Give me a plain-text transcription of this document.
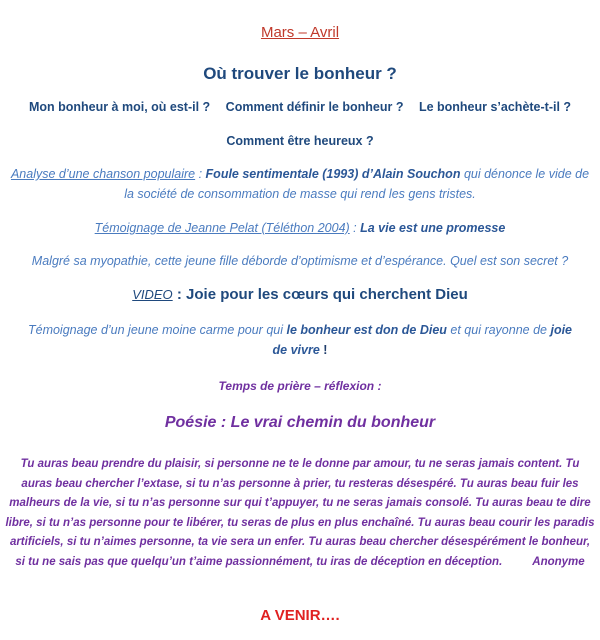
Mars – Avril
Où trouver le bonheur ?
Mon bonheur à moi, où est-il ? Comment définir le bonheur ? Le bonheur s’achète-t-il ?
Comment être heureux ?
Analyse d’une chanson populaire : Foule sentimentale (1993) d’Alain Souchon qui dénonce le vide de la société de consommation de masse qui rend les gens tristes.
Témoignage de Jeanne Pelat (Téléthon 2004) : La vie est une promesse
Malgré sa myopathie, cette jeune fille déborde d’optimisme et d’espérance. Quel est son secret ?
VIDEO : Joie pour les cœurs qui cherchent Dieu
Témoignage d’un jeune moine carme pour qui le bonheur est don de Dieu et qui rayonne de joie de vivre !
Temps de prière – réflexion :
Poésie : Le vrai chemin du bonheur
Tu auras beau prendre du plaisir, si personne ne te le donne par amour, tu ne seras jamais content. Tu auras beau chercher l’extase, si tu n’as personne à prier, tu resteras désespéré. Tu auras beau fuir les malheurs de la vie, si tu n’as personne sur qui t’appuyer, tu ne seras jamais consolé. Tu auras beau te dire libre, si tu n’as personne pour te libérer, tu seras de plus en plus enchaîné. Tu auras beau courir les paradis artificiels, si tu n’aimes personne, ta vie sera un enfer. Tu auras beau chercher désespérément le bonheur, si tu ne sais pas que quelqu’un t’aime passionnément, tu iras de déception en déception.	Anonyme
A VENIR….
